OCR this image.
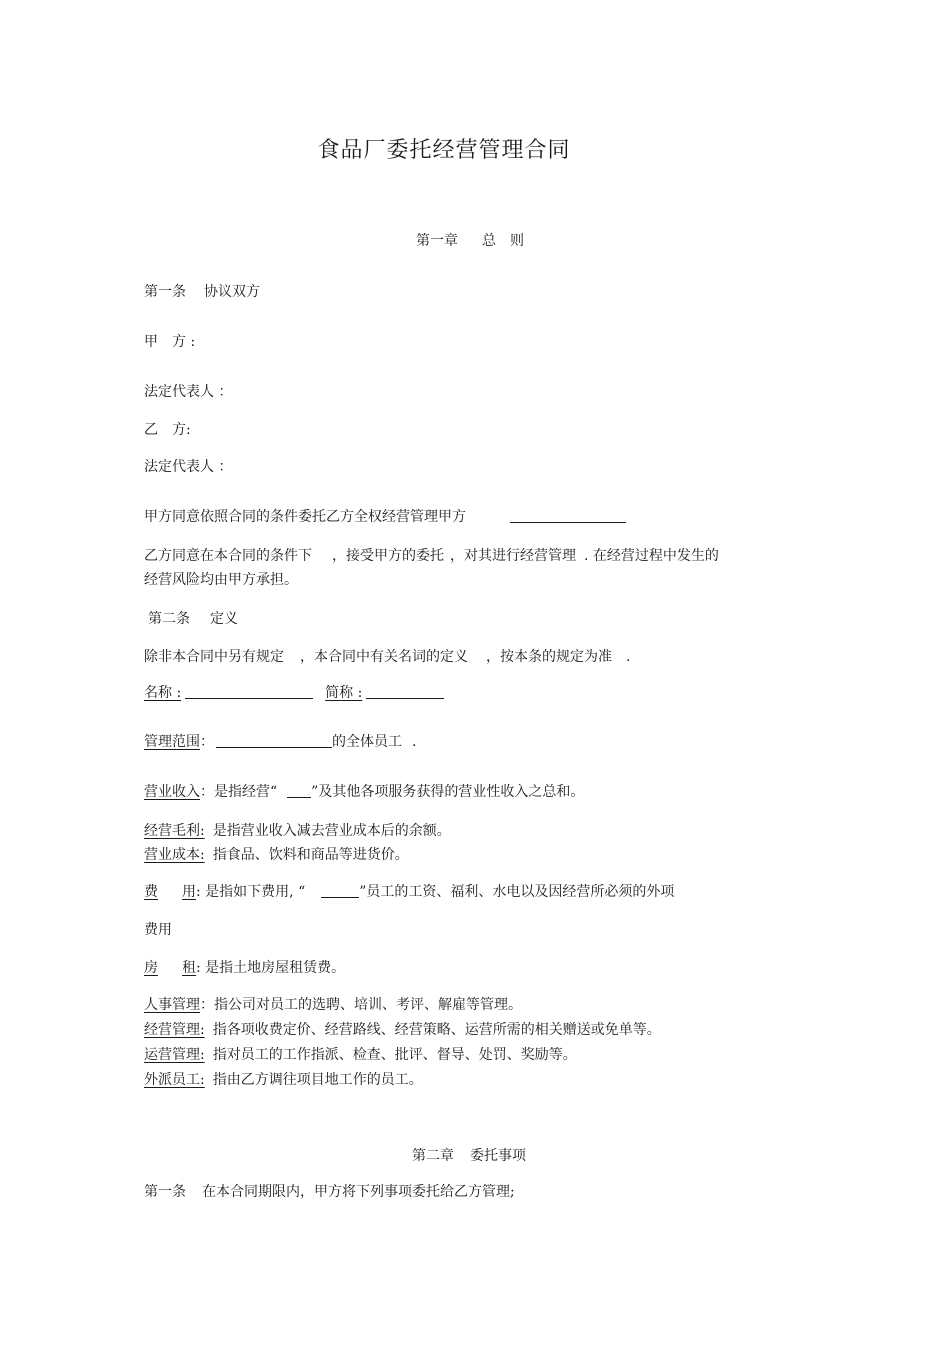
食品厂委托经营管理合同
第一章 总　则
第一条 协议双方
甲　方 :
法定代表人 ：
乙　方:
法定代表人 ：
甲方同意依照合同的条件委托乙方全权经营管理甲方
乙方同意在本合同的条件下 ，接受甲方的委托 ，对其进行经营管理 . 在经营过程中发生的
经营风险均由甲方承担。
第二条 定义
除非本合同中另有规定 ，本合同中有关名词的定义 ，按本条的规定为准 .
名称 :	简称 :
管理范围：	的全体员工 .
营业收入：是指经营“ ”及其他各项服务获得的营业性收入之总和。
经营毛利: 是指营业收入减去营业成本后的余额。
营业成本: 指食品、饮料和商品等进货价。
费 用: 是指如下费用, “	”员工的工资、福利、水电以及因经营所必须的外项
费用
房 租: 是指土地房屋租赁费。
人事管理：指公司对员工的选聘、培训、考评、解雇等管理。
经营管理: 指各项收费定价、经营路线、经营策略、运营所需的相关赠送或免单等。
运营管理: 指对员工的工作指派、检查、批评、督导、处罚、奖励等。
外派员工: 指由乙方调往项目地工作的员工。
第二章 委托事项
第一条 在本合同期限内，甲方将下列事项委托给乙方管理;
